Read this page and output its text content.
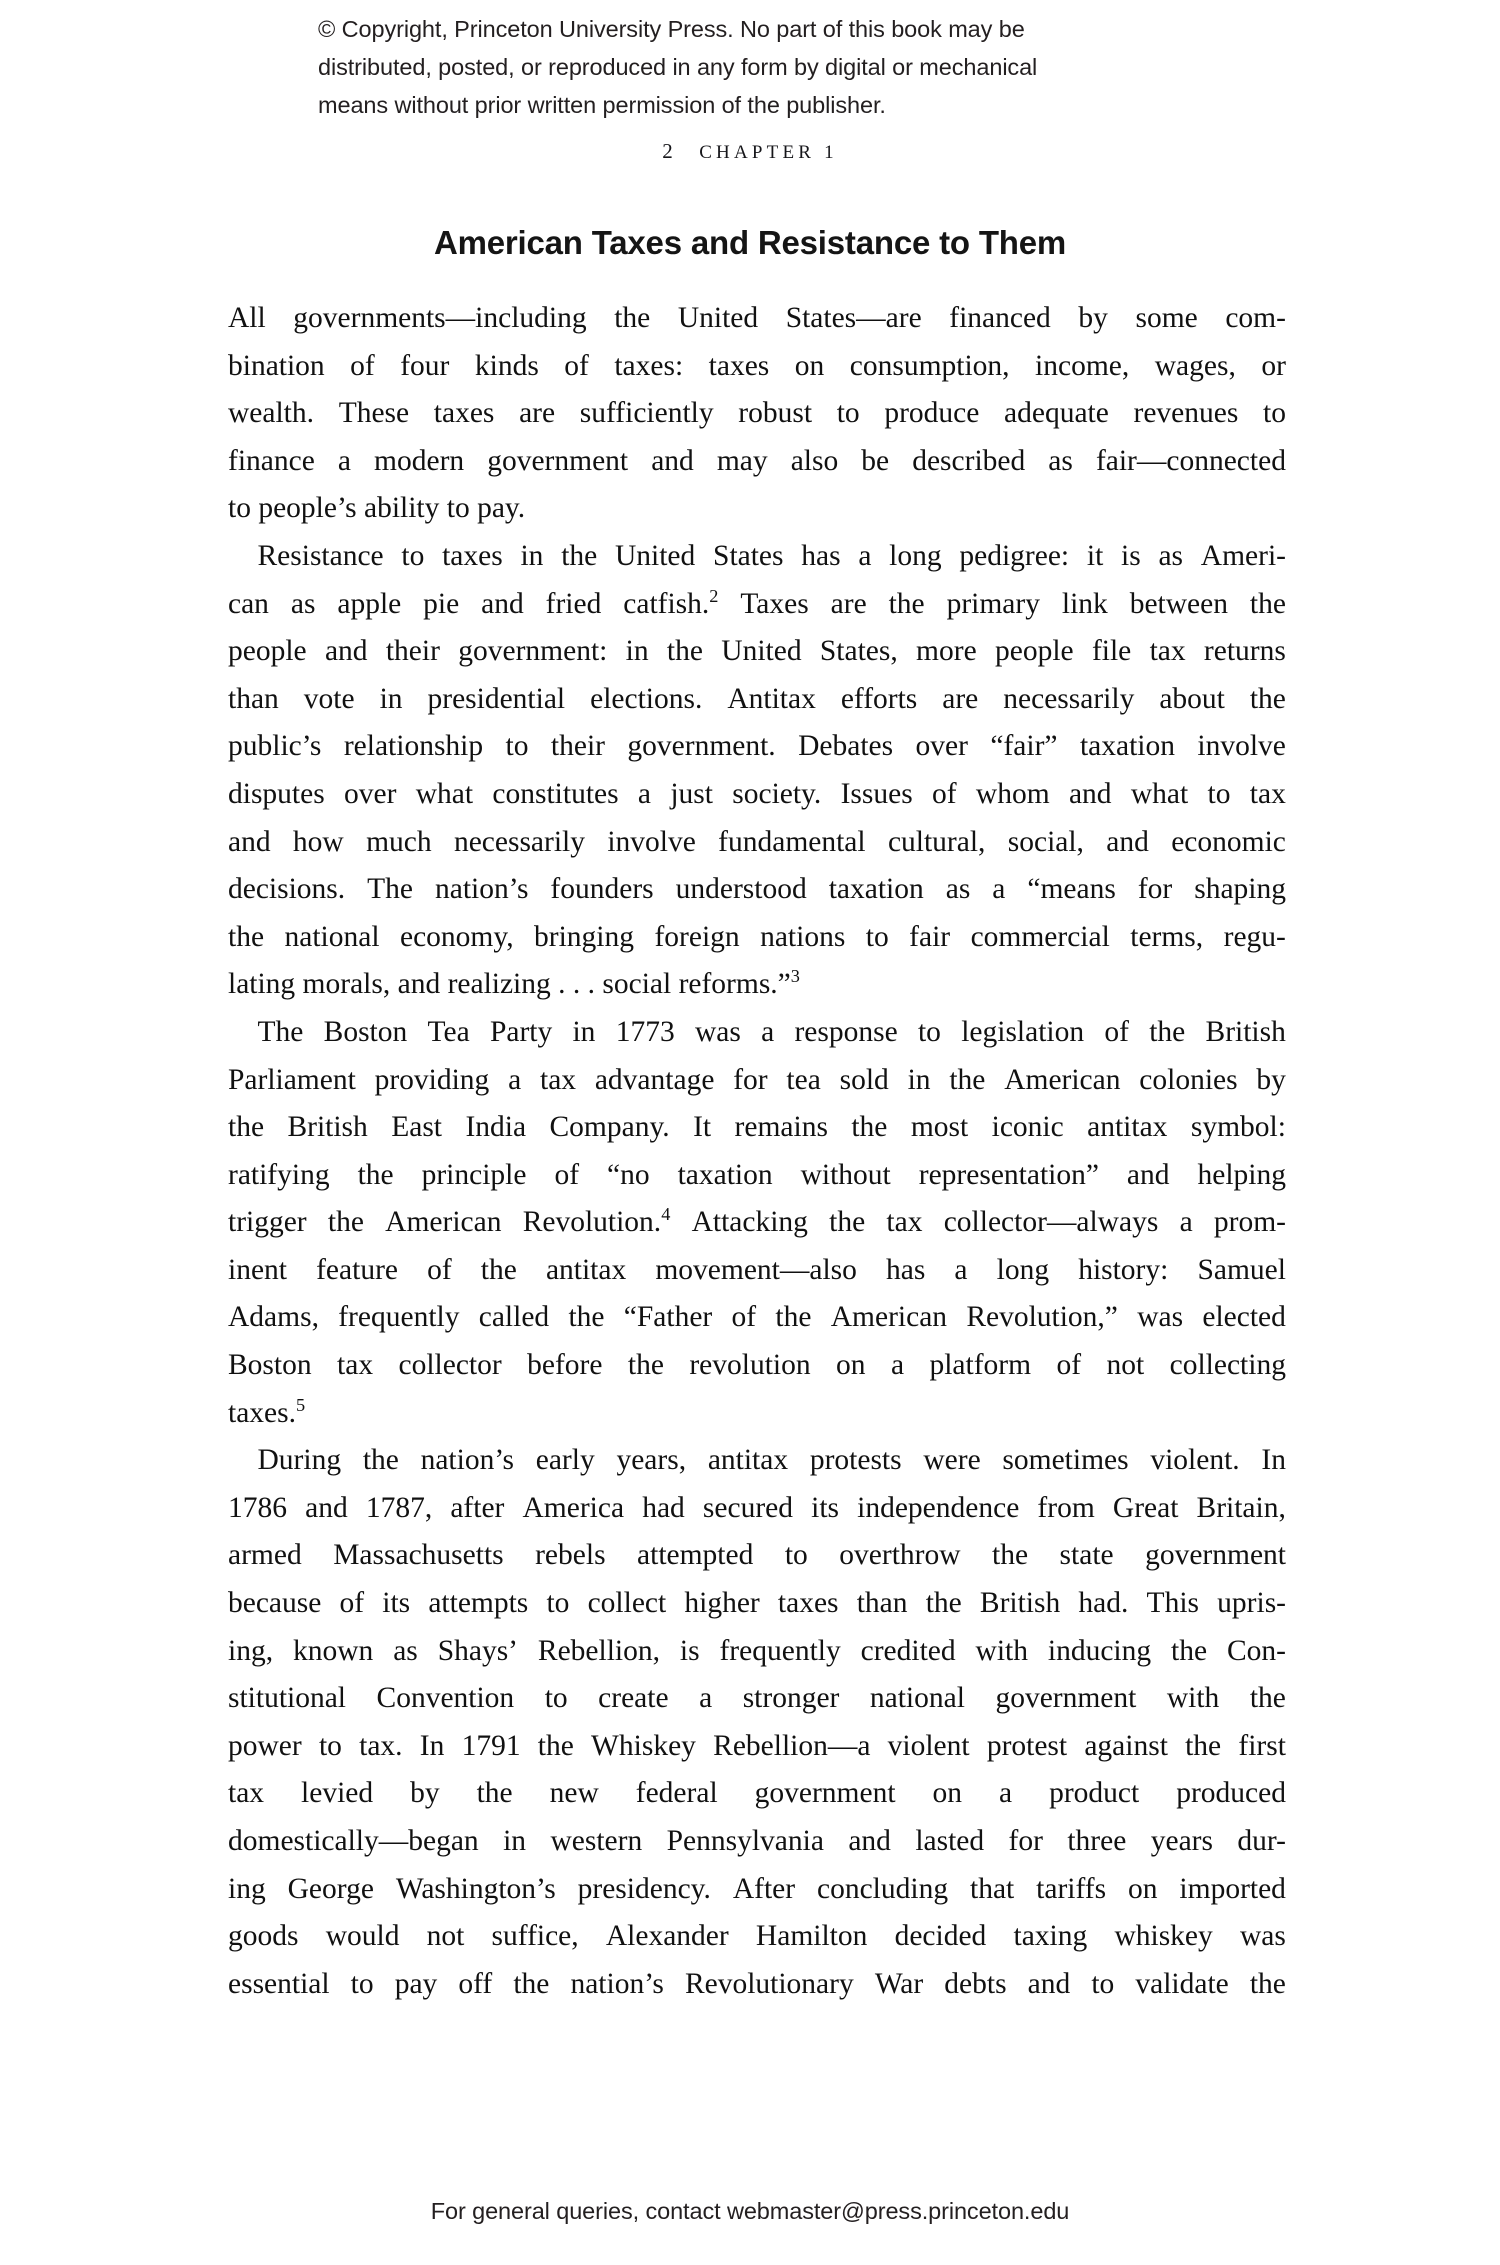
© Copyright, Princeton University Press. No part of this book may be
distributed, posted, or reproduced in any form by digital or mechanical
means without prior written permission of the publisher.
2 CHAPTER 1
American Taxes and Resistance to Them

All governments—including the United States—are financed by some com-
bination of four kinds of taxes: taxes on consumption, income, wages, or
wealth. These taxes are sufficiently robust to produce adequate revenues to
finance a modern government and may also be described as fair—connected
to people’s ability to pay.

Resistance to taxes in the United States has a long pedigree: it is as Ameri-
can as apple pie and fried catfish.$^2$ Taxes are the primary link between the
people and their government: in the United States, more people file tax returns
than vote in presidential elections. Antitax efforts are necessarily about the
public’s relationship to their government. Debates over “fair” taxation involve
disputes over what constitutes a just society. Issues of whom and what to tax
and how much necessarily involve fundamental cultural, social, and economic
decisions. The nation’s founders understood taxation as a “means for shaping
the national economy, bringing foreign nations to fair commercial terms, regu-
lating morals, and realizing . . . social reforms.”$^3$

The Boston Tea Party in 1773 was a response to legislation of the British
Parliament providing a tax advantage for tea sold in the American colonies by
the British East India Company. It remains the most iconic antitax symbol:
ratifying the principle of “no taxation without representation” and helping
trigger the American Revolution.$^4$ Attacking the tax collector—always a prom-
inent feature of the antitax movement—also has a long history: Samuel
Adams, frequently called the “Father of the American Revolution,” was elected
Boston tax collector before the revolution on a platform of not collecting
taxes.$^5$

During the nation’s early years, antitax protests were sometimes violent. In
1786 and 1787, after America had secured its independence from Great Britain,
armed Massachusetts rebels attempted to overthrow the state government
because of its attempts to collect higher taxes than the British had. This upris-
ing, known as Shays’ Rebellion, is frequently credited with inducing the Con-
stitutional Convention to create a stronger national government with the
power to tax. In 1791 the Whiskey Rebellion—a violent protest against the first
tax levied by the new federal government on a product produced
domestically—began in western Pennsylvania and lasted for three years dur-
ing George Washington’s presidency. After concluding that tariffs on imported
goods would not suffice, Alexander Hamilton decided taxing whiskey was
essential to pay off the nation’s Revolutionary War debts and to validate the

For general queries, contact webmaster@press.princeton.edu
